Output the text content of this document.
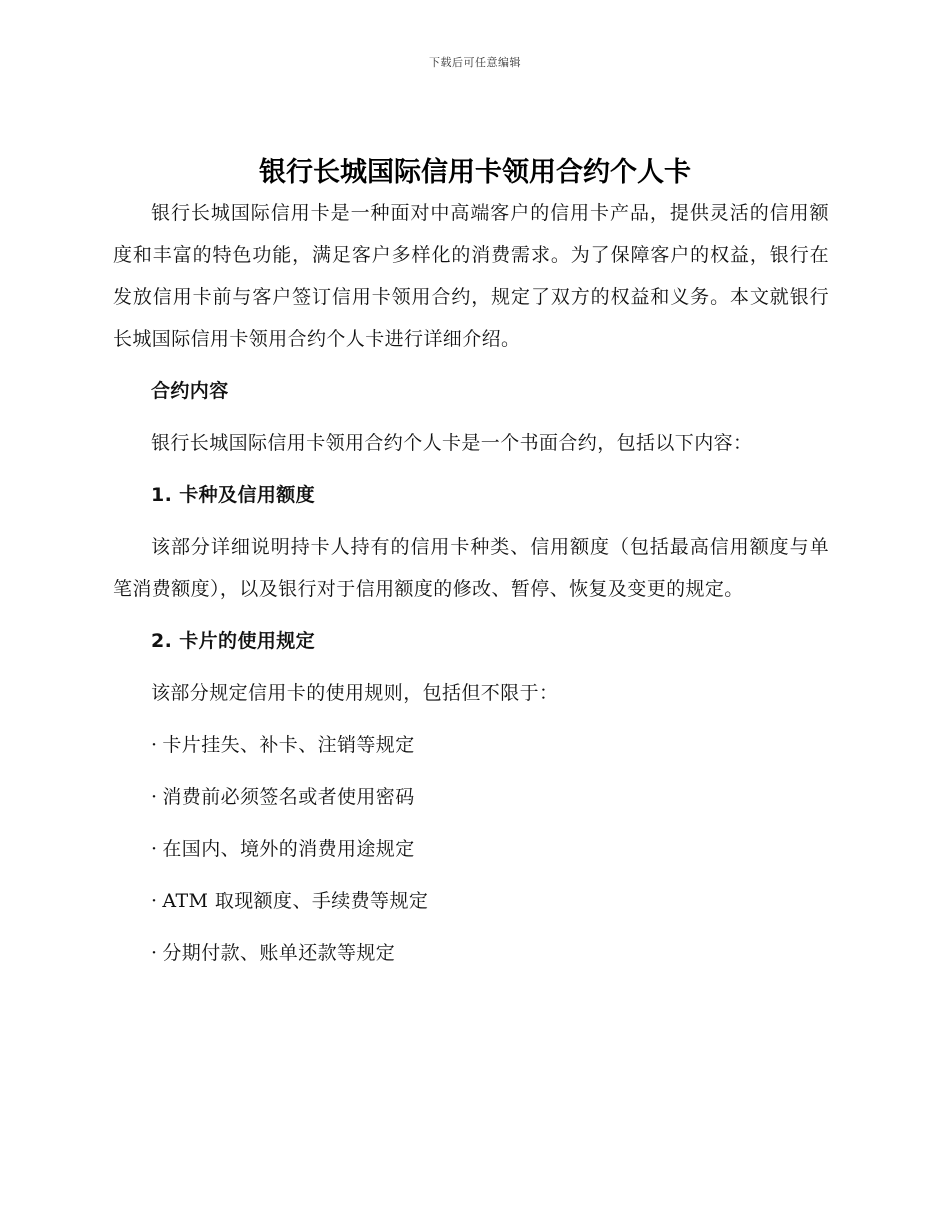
下载后可任意编辑
银行长城国际信用卡领用合约个人卡

银行长城国际信用卡是一种面对中高端客户的信用卡产品，提供灵活的信用额度和丰富的特色功能，满足客户多样化的消费需求。为了保障客户的权益，银行在发放信用卡前与客户签订信用卡领用合约，规定了双方的权益和义务。本文就银行长城国际信用卡领用合约个人卡进行详细介绍。

合约内容

银行长城国际信用卡领用合约个人卡是一个书面合约，包括以下内容：

1. 卡种及信用额度

该部分详细说明持卡人持有的信用卡种类、信用额度（包括最高信用额度与单笔消费额度），以及银行对于信用额度的修改、暂停、恢复及变更的规定。

2. 卡片的使用规定

该部分规定信用卡的使用规则，包括但不限于：

· 卡片挂失、补卡、注销等规定

· 消费前必须签名或者使用密码

· 在国内、境外的消费用途规定

· ATM 取现额度、手续费等规定

· 分期付款、账单还款等规定
